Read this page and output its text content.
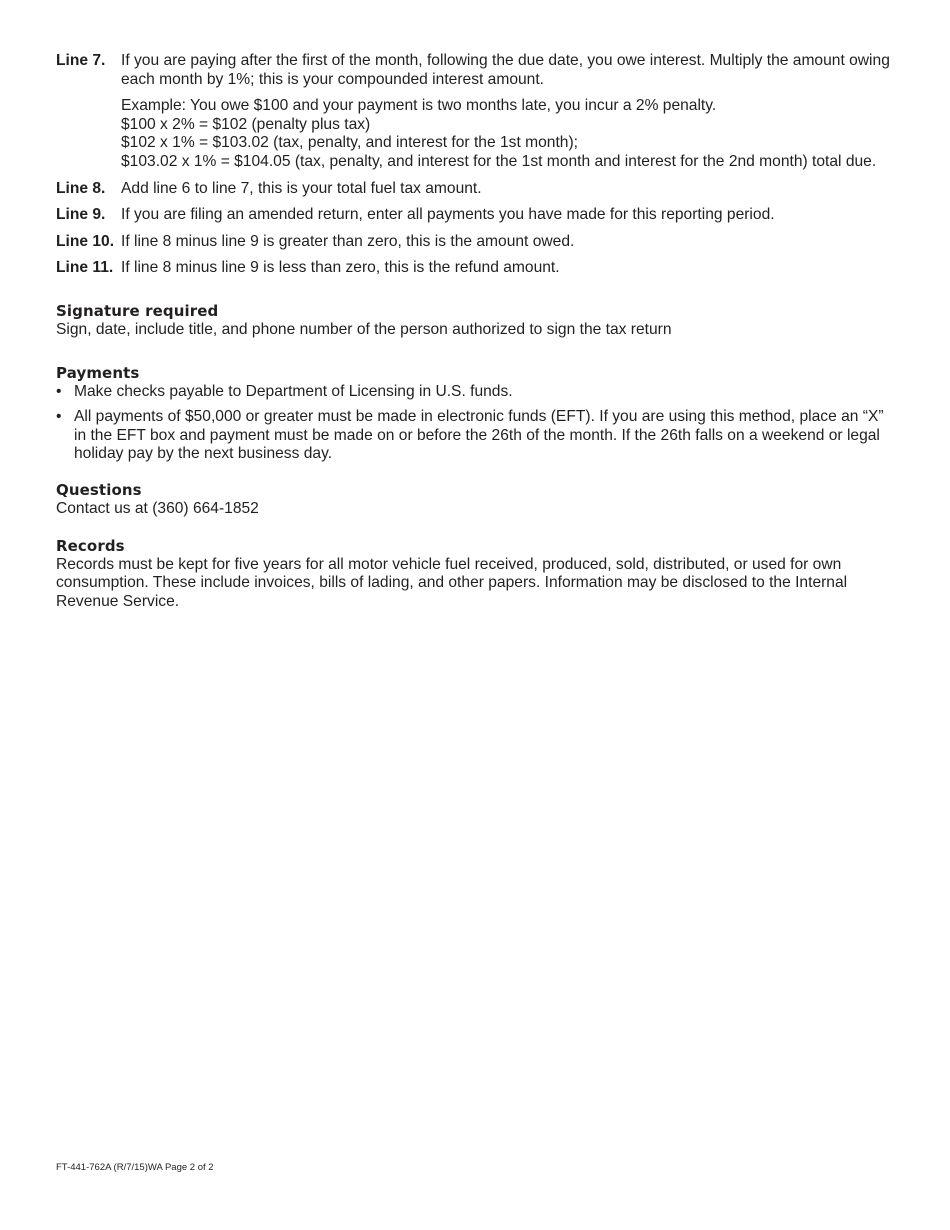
Line 7. If you are paying after the first of the month, following the due date, you owe interest. Multiply the amount owing each month by 1%; this is your compounded interest amount.
Example: You owe $100 and your payment is two months late, you incur a 2% penalty.
$100 x 2% = $102 (penalty plus tax)
$102 x 1% = $103.02 (tax, penalty, and interest for the 1st month);
$103.02 x 1% = $104.05 (tax, penalty, and interest for the 1st month and interest for the 2nd month) total due.
Line 8. Add line 6 to line 7, this is your total fuel tax amount.
Line 9. If you are filing an amended return, enter all payments you have made for this reporting period.
Line 10. If line 8 minus line 9 is greater than zero, this is the amount owed.
Line 11. If line 8 minus line 9 is less than zero, this is the refund amount.
Signature required
Sign, date, include title, and phone number of the person authorized to sign the tax return
Payments
• Make checks payable to Department of Licensing in U.S. funds.
• All payments of $50,000 or greater must be made in electronic funds (EFT). If you are using this method, place an “X” in the EFT box and payment must be made on or before the 26th of the month. If the 26th falls on a weekend or legal holiday pay by the next business day.
Questions
Contact us at (360) 664-1852
Records
Records must be kept for five years for all motor vehicle fuel received, produced, sold, distributed, or used for own consumption. These include invoices, bills of lading, and other papers. Information may be disclosed to the Internal Revenue Service.
FT-441-762A (R/7/15)WA Page 2 of 2
